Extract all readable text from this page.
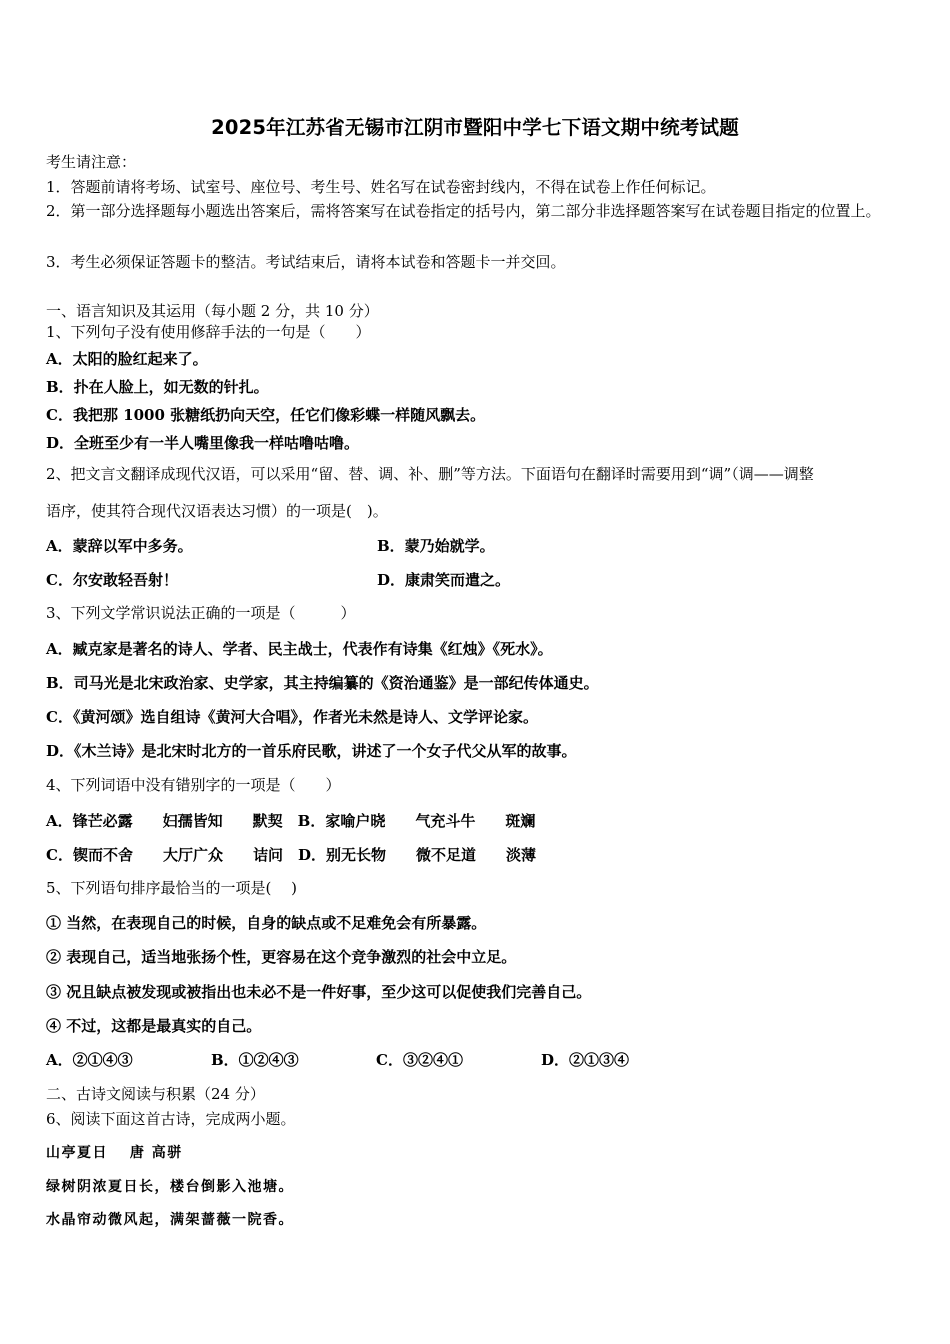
2025年江苏省无锡市江阴市暨阳中学七下语文期中统考试题
考生请注意：
1．答题前请将考场、试室号、座位号、考生号、姓名写在试卷密封线内，不得在试卷上作任何标记。
2．第一部分选择题每小题选出答案后，需将答案写在试卷指定的括号内，第二部分非选择题答案写在试卷题目指定的位置上。
3．考生必须保证答题卡的整洁。考试结束后，请将本试卷和答题卡一并交回。
一、语言知识及其运用（每小题 2 分，共 10 分）
1、下列句子没有使用修辞手法的一句是（　　）
A．太阳的脸红起来了。
B．扑在人脸上，如无数的针扎。
C．我把那 1000 张糖纸扔向天空，任它们像彩蝶一样随风飘去。
D．全班至少有一半人嘴里像我一样咕噜咕噜。
2、把文言文翻译成现代汉语，可以采用“留、替、调、补、删”等方法。下面语句在翻译时需要用到“调”（调——调整
语序，使其符合现代汉语表达习惯）的一项是(　)。
A．蒙辞以军中多务。	B．蒙乃始就学。
C．尔安敢轻吾射！	D．康肃笑而遣之。
3、下列文学常识说法正确的一项是（　　　）
A．臧克家是著名的诗人、学者、民主战士，代表作有诗集《红烛》《死水》。
B．司马光是北宋政治家、史学家，其主持编纂的《资治通鉴》是一部纪传体通史。
C．《黄河颂》选自组诗《黄河大合唱》，作者光未然是诗人、文学评论家。
D．《木兰诗》是北宋时北方的一首乐府民歌，讲述了一个女子代父从军的故事。
4、下列词语中没有错别字的一项是（　　）
A．锋芒必露　　妇孺皆知　　默契　B．家喻户晓　　气充斗牛　　斑斓
C．锲而不舍　　大厅广众　　诘问　D．别无长物　　微不足道　　淡薄
5、下列语句排序最恰当的一项是(　 )
① 当然，在表现自己的时候，自身的缺点或不足难免会有所暴露。
② 表现自己，适当地张扬个性，更容易在这个竞争激烈的社会中立足。
③ 况且缺点被发现或被指出也未必不是一件好事，至少这可以促使我们完善自己。
④ 不过，这都是最真实的自己。
A．②①④③	B．①②④③	C．③②④①	D．②①③④
二、古诗文阅读与积累（24 分）
6、阅读下面这首古诗，完成两小题。
山亭夏日　 唐 高骈
绿树阴浓夏日长，楼台倒影入池塘。
水晶帘动微风起，满架蔷薇一院香。
